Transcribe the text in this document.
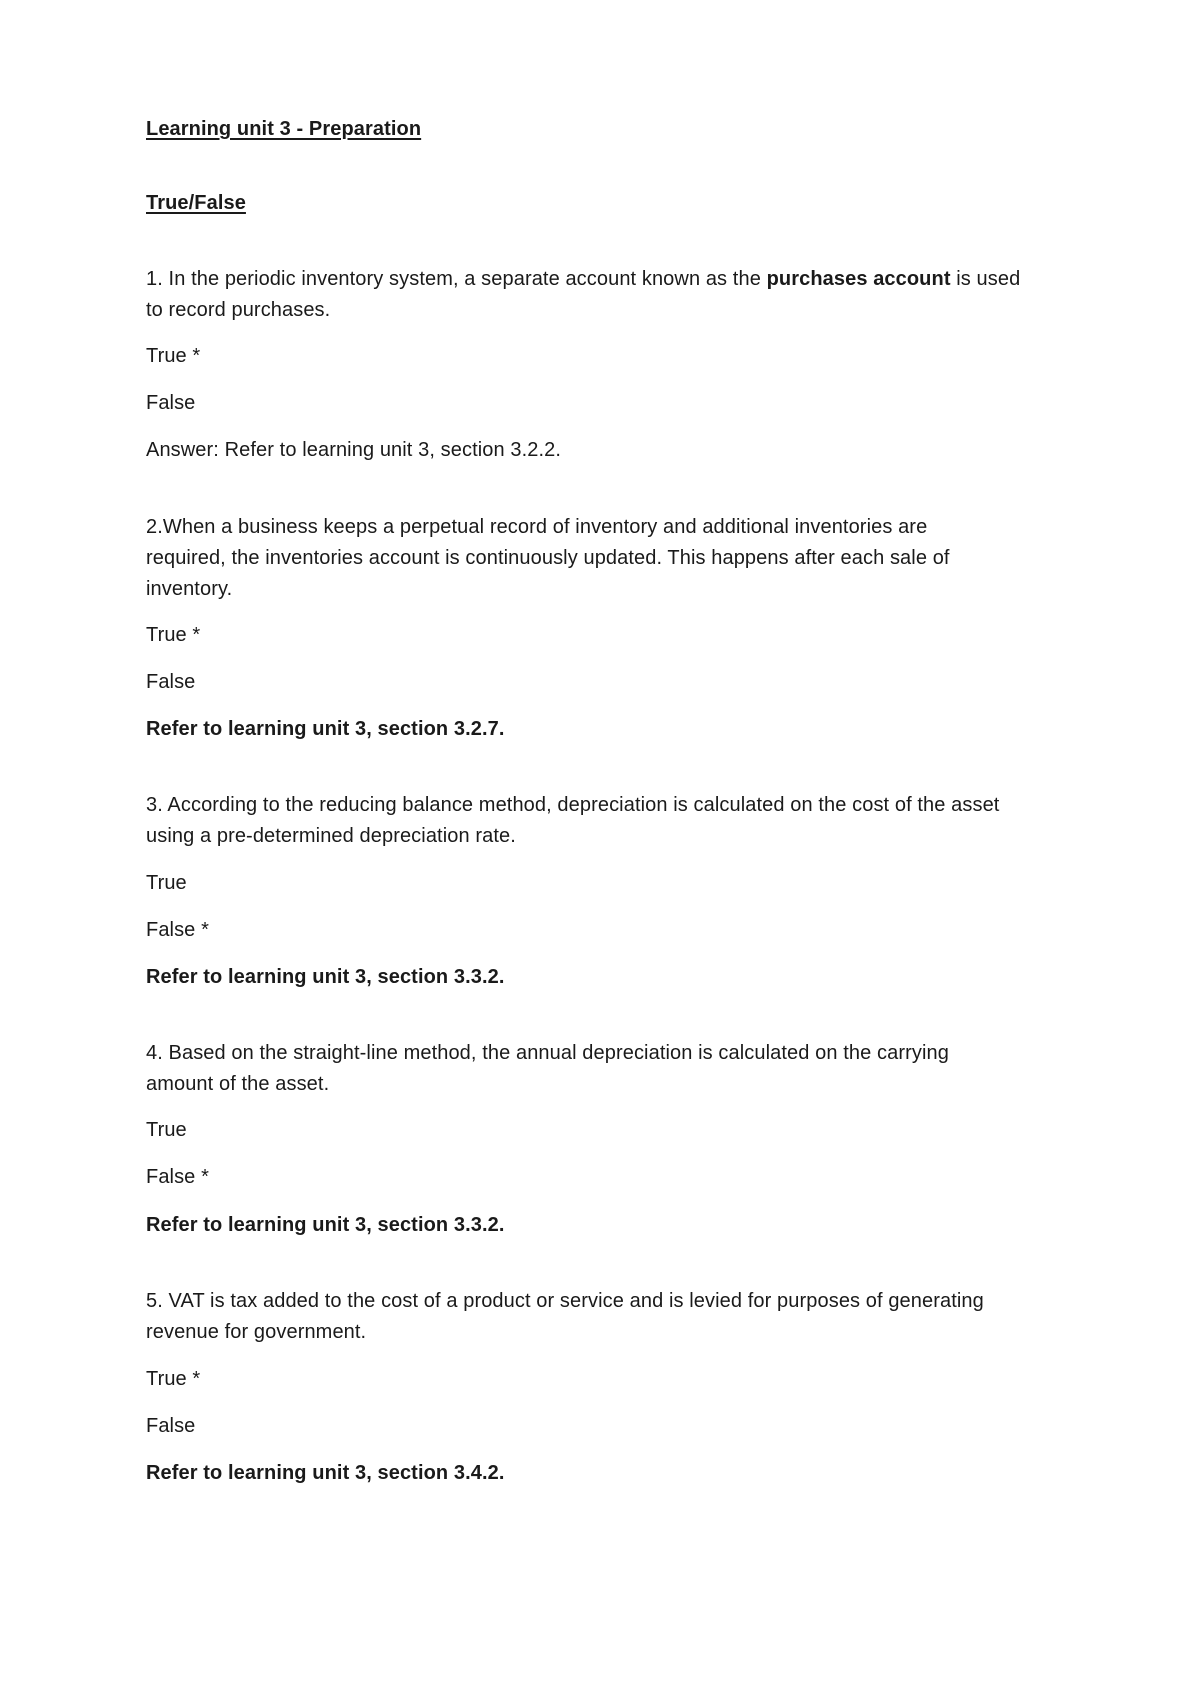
Learning unit 3 - Preparation
True/False
1. In the periodic inventory system, a separate account known as the purchases account is used
to record purchases.
True *
False
Answer: Refer to learning unit 3, section 3.2.2.
2.When a business keeps a perpetual record of inventory and additional inventories are
required, the inventories account is continuously updated. This happens after each sale of
inventory.
True *
False
Refer to learning unit 3, section 3.2.7.
3. According to the reducing balance method, depreciation is calculated on the cost of the asset
using a pre-determined depreciation rate.
True
False *
Refer to learning unit 3, section 3.3.2.
4. Based on the straight-line method, the annual depreciation is calculated on the carrying
amount of the asset.
True
False *
Refer to learning unit 3, section 3.3.2.
5. VAT is tax added to the cost of a product or service and is levied for purposes of generating
revenue for government.
True *
False
Refer to learning unit 3, section 3.4.2.
